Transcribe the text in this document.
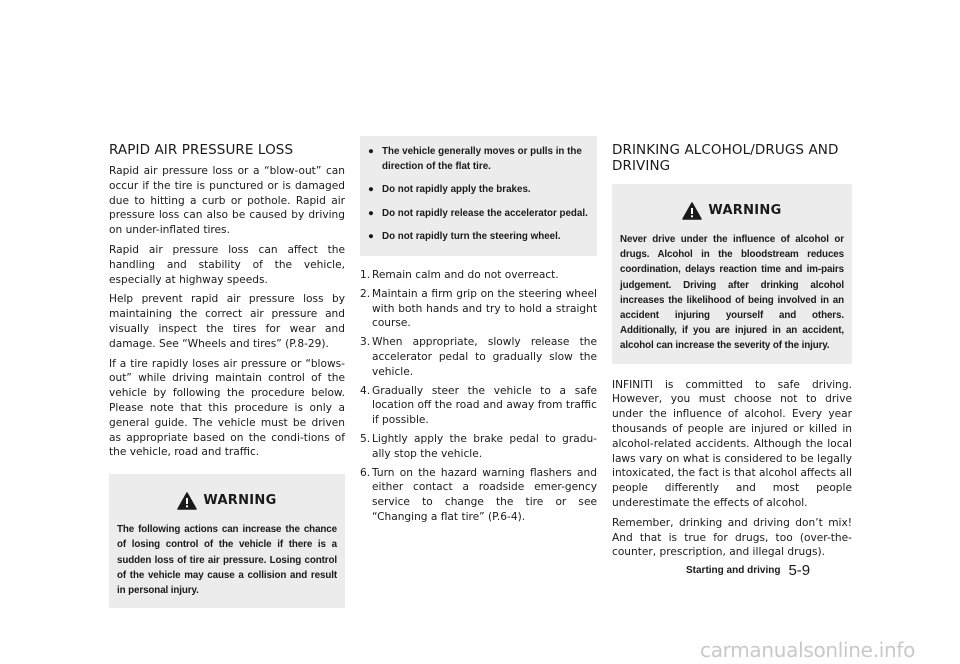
RAPID AIR PRESSURE LOSS

Rapid air pressure loss or a “blow-out” can occur if the tire is punctured or is damaged due to hitting a curb or pothole. Rapid air pressure loss can also be caused by driving on under-inflated tires.

Rapid air pressure loss can affect the handling and stability of the vehicle, especially at highway speeds.

Help prevent rapid air pressure loss by maintaining the correct air pressure and visually inspect the tires for wear and damage. See “Wheels and tires” (P.8-29).

If a tire rapidly loses air pressure or “blows-out” while driving maintain control of the vehicle by following the procedure below. Please note that this procedure is only a general guide. The vehicle must be driven as appropriate based on the condi-tions of the vehicle, road and traffic.

WARNING

The following actions can increase the chance of losing control of the vehicle if there is a sudden loss of tire air pressure. Losing control of the vehicle may cause a collision and result in personal injury.

● The vehicle generally moves or pulls in the direction of the flat tire.
● Do not rapidly apply the brakes.
● Do not rapidly release the accelerator pedal.
● Do not rapidly turn the steering wheel.
1. Remain calm and do not overreact.
2. Maintain a firm grip on the steering wheel with both hands and try to hold a straight course.
3. When appropriate, slowly release the accelerator pedal to gradually slow the vehicle.
4. Gradually steer the vehicle to a safe location off the road and away from traffic if possible.
5. Lightly apply the brake pedal to gradu-ally stop the vehicle.
6. Turn on the hazard warning flashers and either contact a roadside emer-gency service to change the tire or see “Changing a flat tire” (P.6-4).
DRINKING ALCOHOL/DRUGS AND DRIVING
WARNING

Never drive under the influence of alcohol or drugs. Alcohol in the bloodstream reduces coordination, delays reaction time and im-pairs judgement. Driving after drinking alcohol increases the likelihood of being involved in an accident injuring yourself and others. Additionally, if you are injured in an accident, alcohol can increase the severity of the injury.

INFINITI is committed to safe driving. However, you must choose not to drive under the influence of alcohol. Every year thousands of people are injured or killed in alcohol-related accidents. Although the local laws vary on what is considered to be legally intoxicated, the fact is that alcohol affects all people differently and most people underestimate the effects of alcohol.

Remember, drinking and driving don’t mix! And that is true for drugs, too (over-the-counter, prescription, and illegal drugs).

Starting and driving 5-9
carmanualsonline.info
